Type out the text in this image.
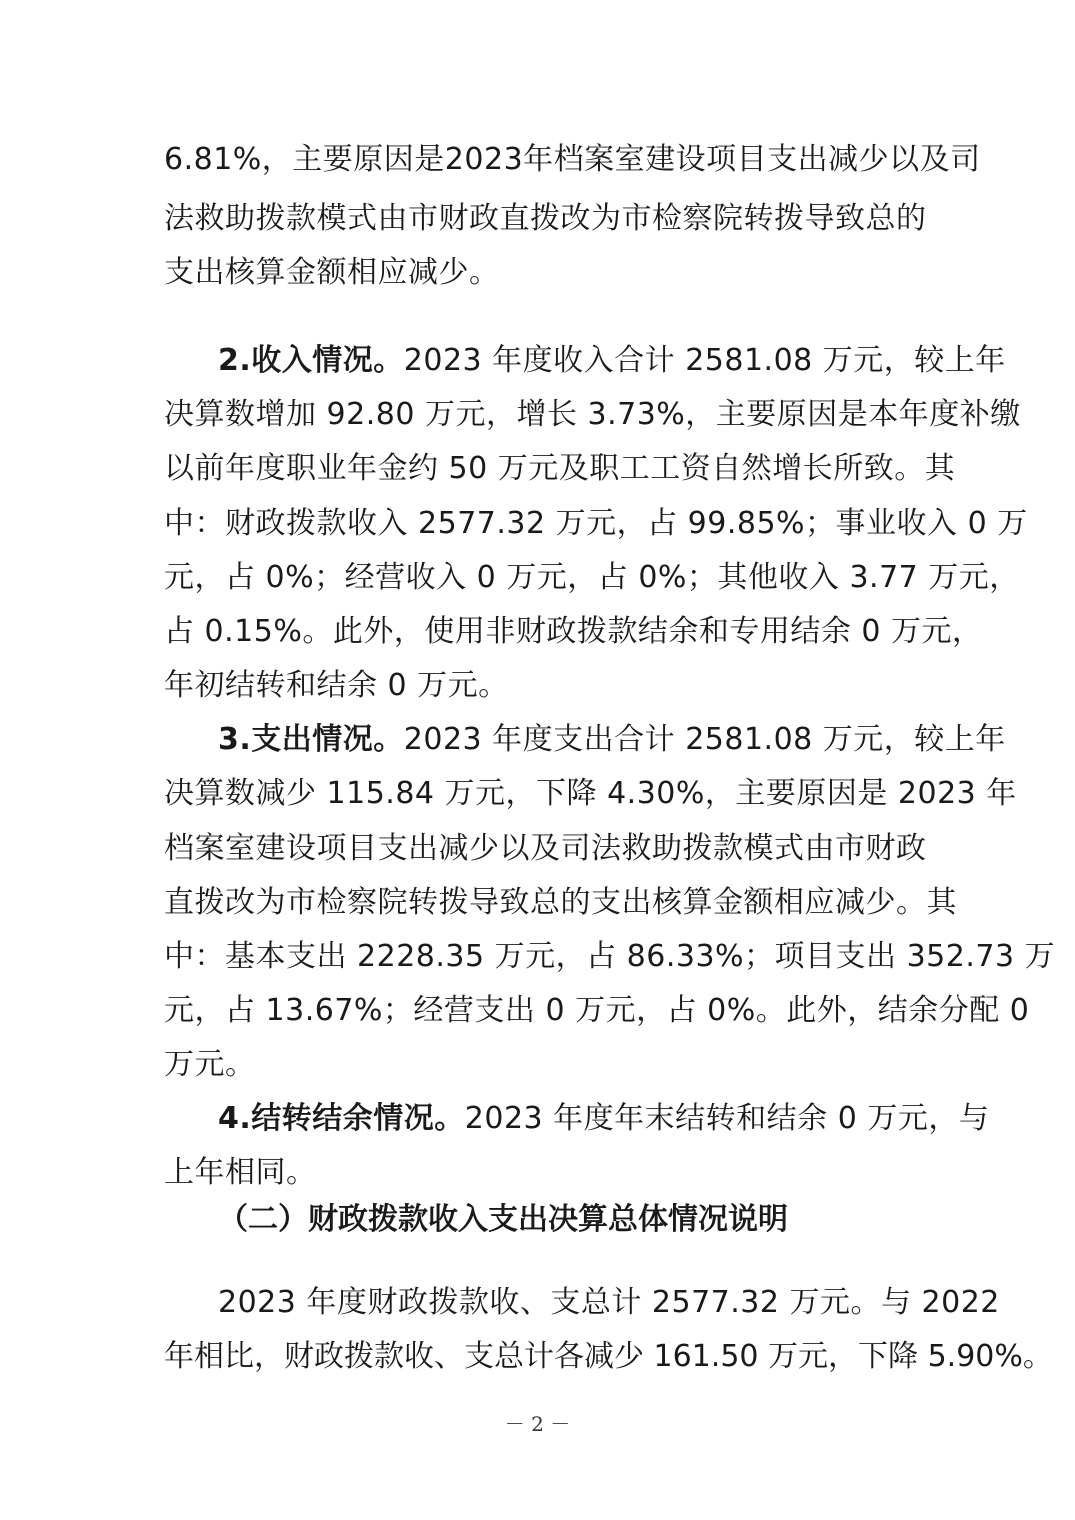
6.81%，主要原因是2023年档案室建设项目支出减少以及司
法救助拨款模式由市财政直拨改为市检察院转拨导致总的
支出核算金额相应减少。
2.收入情况。2023 年度收入合计 2581.08 万元，较上年
决算数增加 92.80 万元，增长 3.73%，主要原因是本年度补缴
以前年度职业年金约 50 万元及职工工资自然增长所致。其
中：财政拨款收入 2577.32 万元，占 99.85%；事业收入 0 万
元，占 0%；经营收入 0 万元，占 0%；其他收入 3.77 万元，
占 0.15%。此外，使用非财政拨款结余和专用结余 0 万元，
年初结转和结余 0 万元。
3.支出情况。2023 年度支出合计 2581.08 万元，较上年
决算数减少 115.84 万元，下降 4.30%，主要原因是 2023 年
档案室建设项目支出减少以及司法救助拨款模式由市财政
直拨改为市检察院转拨导致总的支出核算金额相应减少。其
中：基本支出 2228.35 万元，占 86.33%；项目支出 352.73 万
元，占 13.67%；经营支出 0 万元，占 0%。此外，结余分配 0
万元。
4.结转结余情况。2023 年度年末结转和结余 0 万元，与
上年相同。
（二）财政拨款收入支出决算总体情况说明
2023 年度财政拨款收、支总计 2577.32 万元。与 2022
年相比，财政拨款收、支总计各减少 161.50 万元，下降 5.90%。
－ 2 －
